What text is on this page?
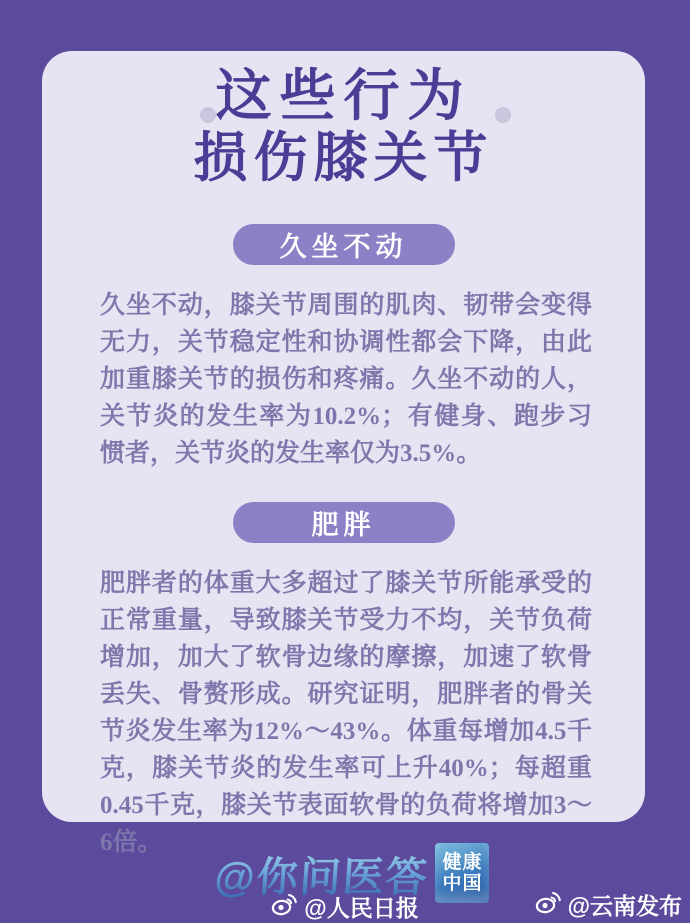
这些行为
损伤膝关节
久坐不动

久坐不动，膝关节周围的肌肉、韧带会变得无力，关节稳定性和协调性都会下降，由此加重膝关节的损伤和疼痛。久坐不动的人，关节炎的发生率为10.2%；有健身、跑步习惯者，关节炎的发生率仅为3.5%。

肥胖

肥胖者的体重大多超过了膝关节所能承受的正常重量，导致膝关节受力不均，关节负荷增加，加大了软骨边缘的摩擦，加速了软骨丢失、骨赘形成。研究证明，肥胖者的骨关节炎发生率为12%～43%。体重每增加4.5千克，膝关节炎的发生率可上升40%；每超重0.45千克，膝关节表面软骨的负荷将增加3～6倍。

@你问医答 健康
中国
@人民日报	@云南发布
